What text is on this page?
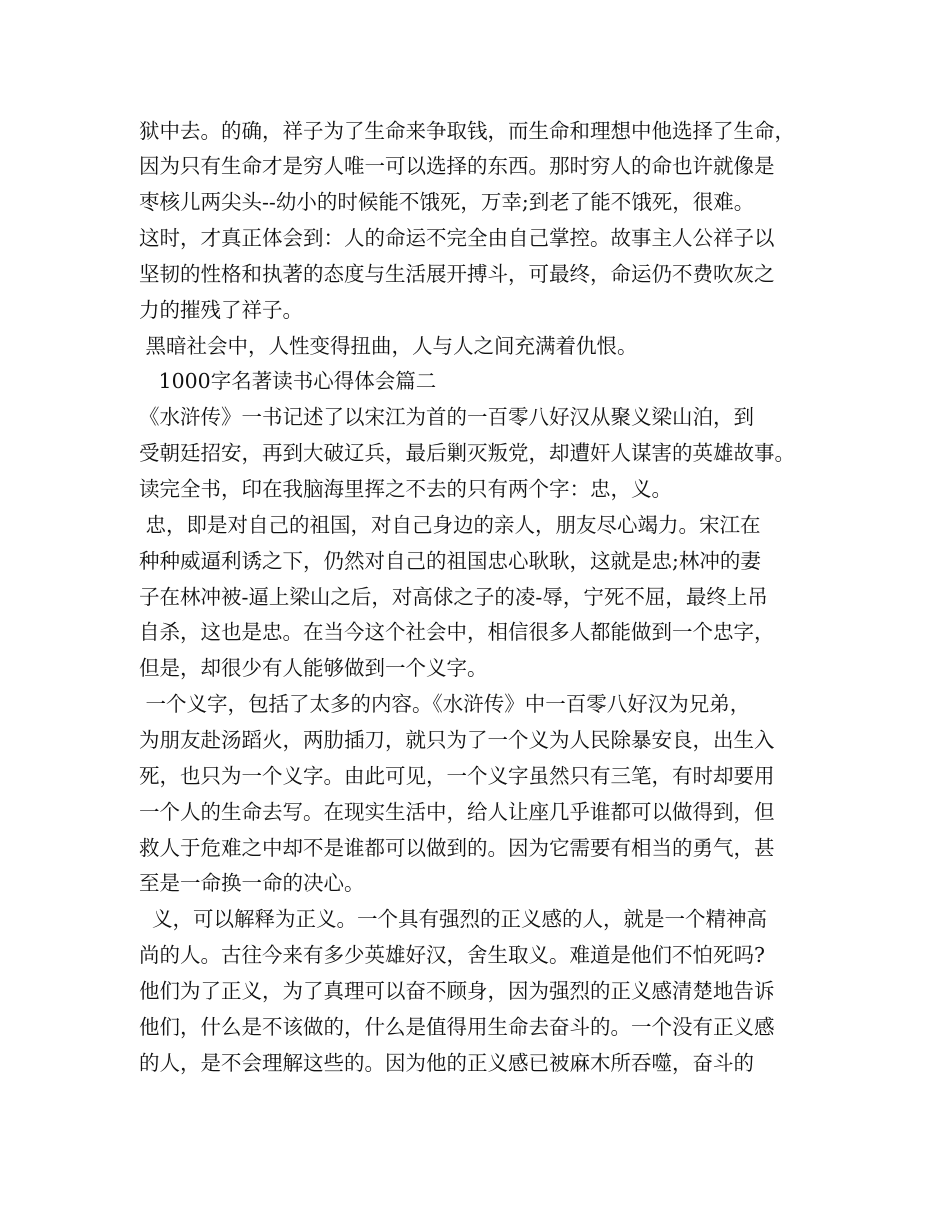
狱中去。的确，祥子为了生命来争取钱，而生命和理想中他选择了生命，
因为只有生命才是穷人唯一可以选择的东西。那时穷人的命也许就像是
枣核儿两尖头--幼小的时候能不饿死，万幸;到老了能不饿死，很难。
这时，才真正体会到：人的命运不完全由自己掌控。故事主人公祥子以
坚韧的性格和执著的态度与生活展开搏斗，可最终，命运仍不费吹灰之
力的摧残了祥子。
黑暗社会中，人性变得扭曲，人与人之间充满着仇恨。
1000字名著读书心得体会篇二
《水浒传》一书记述了以宋江为首的一百零八好汉从聚义梁山泊，到
受朝廷招安，再到大破辽兵，最后剿灭叛党，却遭奸人谋害的英雄故事。
读完全书，印在我脑海里挥之不去的只有两个字：忠，义。
忠，即是对自己的祖国，对自己身边的亲人，朋友尽心竭力。宋江在
种种威逼利诱之下，仍然对自己的祖国忠心耿耿，这就是忠;林冲的妻
子在林冲被-逼上梁山之后，对高俅之子的凌-辱，宁死不屈，最终上吊
自杀，这也是忠。在当今这个社会中，相信很多人都能做到一个忠字，
但是，却很少有人能够做到一个义字。
一个义字，包括了太多的内容。《水浒传》中一百零八好汉为兄弟，
为朋友赴汤蹈火，两肋插刀，就只为了一个义为人民除暴安良，出生入
死，也只为一个义字。由此可见，一个义字虽然只有三笔，有时却要用
一个人的生命去写。在现实生活中，给人让座几乎谁都可以做得到，但
救人于危难之中却不是谁都可以做到的。因为它需要有相当的勇气，甚
至是一命换一命的决心。
义，可以解释为正义。一个具有强烈的正义感的人，就是一个精神高
尚的人。古往今来有多少英雄好汉，舍生取义。难道是他们不怕死吗?
他们为了正义，为了真理可以奋不顾身，因为强烈的正义感清楚地告诉
他们，什么是不该做的，什么是值得用生命去奋斗的。一个没有正义感
的人，是不会理解这些的。因为他的正义感已被麻木所吞噬，奋斗的
